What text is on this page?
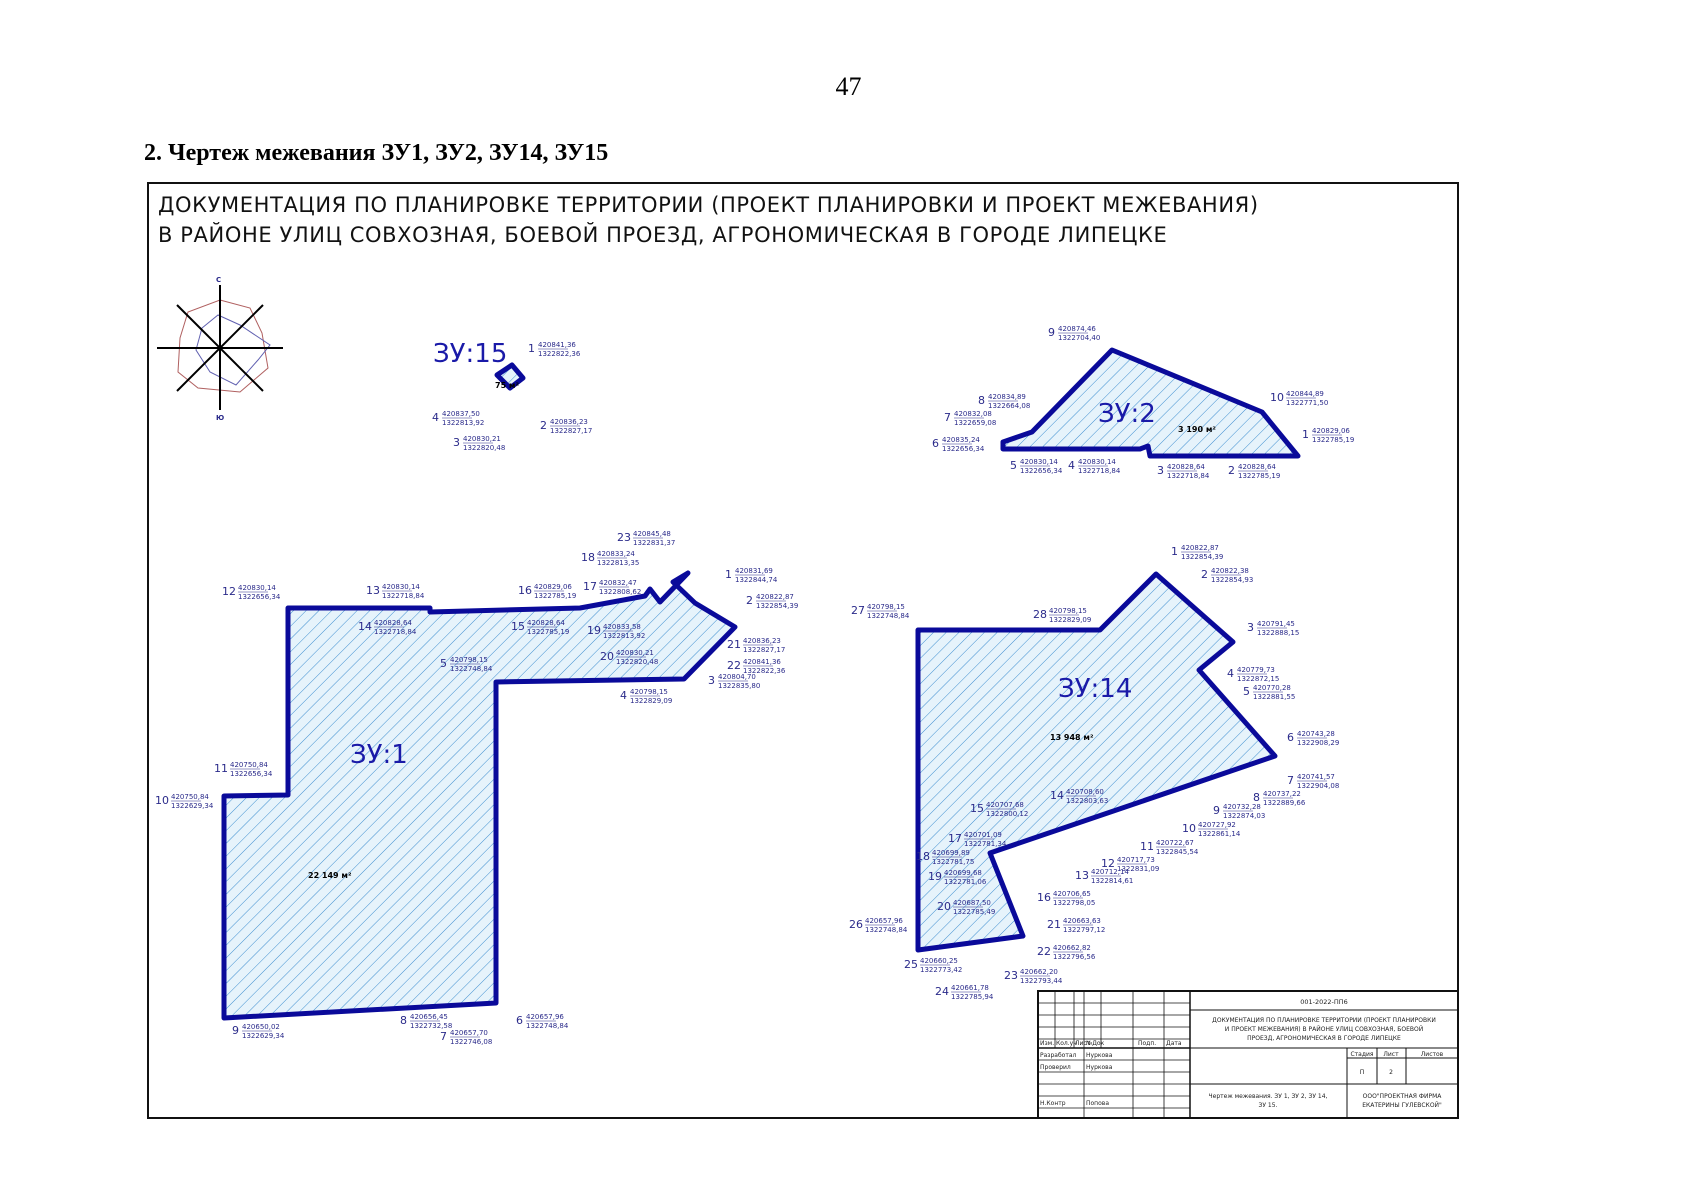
47
2. Чертеж межевания ЗУ1, ЗУ2, ЗУ14, ЗУ15
ДОКУМЕНТАЦИЯ ПО ПЛАНИРОВКЕ ТЕРРИТОРИИ (ПРОЕКТ ПЛАНИРОВКИ И ПРОЕКТ МЕЖЕВАНИЯ)
В РАЙОНЕ УЛИЦ СОВХОЗНАЯ, БОЕВОЙ ПРОЕЗД, АГРОНОМИЧЕСКАЯ В ГОРОДЕ ЛИПЕЦКЕ
С
Ю
ЗУ:15
75 м²
ЗУ:2
3 190 м²
ЗУ:1
22 149 м²
ЗУ:14
13 948 м²
1 420841,36
1322822,36
2 420836,23
1322827,17
3 420830,21
1322820,48
4 420837,50
1322813,92
1 420829,06
1322785,19
2 420828,64
1322785,19
3 420828,64
1322718,84
4 420830,14
1322718,84
5 420830,14
1322656,34
6 420835,24
1322656,34
7 420832,08
1322659,08
8 420834,89
1322664,08
9 420874,46
1322704,40
10 420844,89
1322771,50
1 420831,69
1322844,74
2 420822,87
1322854,39
3 420804,70
1322835,80
4 420798,15
1322829,09
5 420798,15
1322748,84
6 420657,96
1322748,84
7 420657,70
1322746,08
8 420656,45
1322732,58
9 420650,02
1322629,34
10 420750,84
1322629,34
11 420750,84
1322656,34
12 420830,14
1322656,34	13 420830,14
1322718,84
14 420828,64
1322718,84	15 420828,64
1322785,19
16 420829,06
1322785,19
17 420832,47
1322808,62
18 420833,24
1322813,35
19 420833,58
1322813,92
20 420830,21
1322820,48
21 420836,23
1322827,17
22 420841,36
1322822,36
23 420845,48
1322831,37
1 420822,87
1322854,39
2 420822,38
1322854,93
3 420791,45
1322888,15
4 420779,73
1322872,15
5 420770,28
1322881,55
6 420743,28
1322908,29
7 420741,57
1322904,08
8 420737,22
1322889,66
9 420732,28
1322874,03
10 420727,92
1322861,14
11 420722,67
1322845,54
12 420717,73
1322831,09
13 420712,14
1322814,61
14 420708,60
1322803,63
15 420707,68
1322800,12
16 420706,65
1322798,05
17 420701,09
1322781,34
18 420699,89
1322781,75
19 420699,68
1322781,06
20 420687,50
1322785,49
21 420663,63
1322797,12
22 420662,82
1322796,56
23 420662,20
1322793,44
24 420661,78
1322785,94
25 420660,25
1322773,42
26 420657,96
1322748,84
27 420798,15
1322748,84	28 420798,15
1322829,09
Изм. Кол.уч
Лист
№Док	Подп. Дата
Разработал Нуркова
Проверил	Нуркова
Н.Контр	Попова
001-2022-ПП6
ДОКУМЕНТАЦИЯ ПО ПЛАНИРОВКЕ ТЕРРИТОРИИ (ПРОЕКТ ПЛАНИРОВКИ
И ПРОЕКТ МЕЖЕВАНИЯ) В РАЙОНЕ УЛИЦ СОВХОЗНАЯ, БОЕВОЙ
ПРОЕЗД, АГРОНОМИЧЕСКАЯ В ГОРОДЕ ЛИПЕЦКЕ
Стадия Лист	Листов
П	2
Чертеж межевания. ЗУ 1, ЗУ 2, ЗУ 14,
ЗУ 15.
ООО"ПРОЕКТНАЯ ФИРМА
ЕКАТЕРИНЫ ГУЛЕВСКОЙ"
